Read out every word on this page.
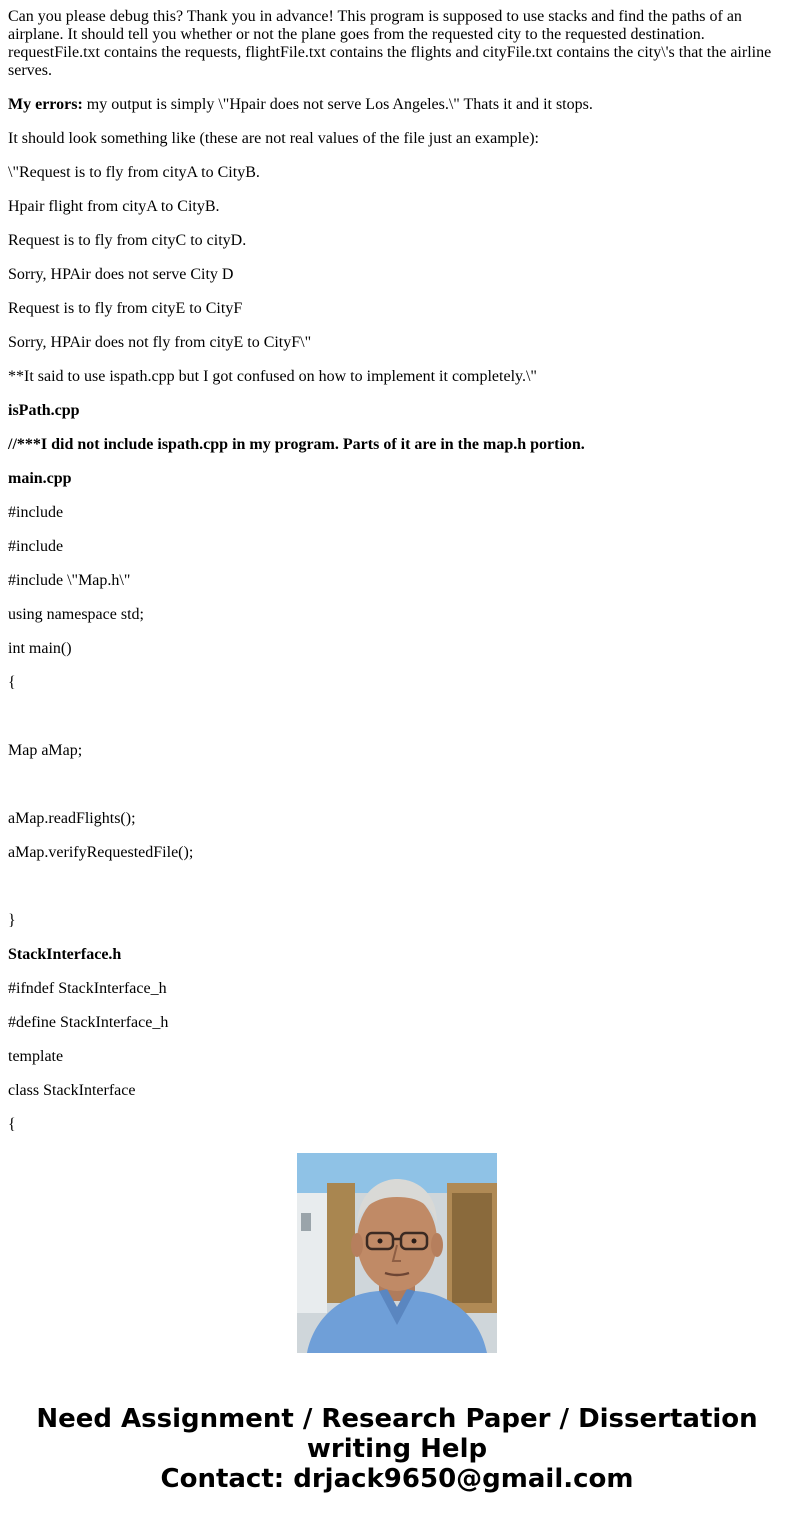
Can you please debug this? Thank you in advance! This program is supposed to use stacks and find the paths of an airplane. It should tell you whether or not the plane goes from the requested city to the requested destination. requestFile.txt contains the requests, flightFile.txt contains the flights and cityFile.txt contains the city\'s that the airline serves.

My errors: my output is simply \"Hpair does not serve Los Angeles.\" Thats it and it stops.

It should look something like (these are not real values of the file just an example):

\"Request is to fly from cityA to CityB.

Hpair flight from cityA to CityB.

Request is to fly from cityC to cityD.

Sorry, HPAir does not serve City D

Request is to fly from cityE to CityF

Sorry, HPAir does not fly from cityE to CityF\"

**It said to use ispath.cpp but I got confused on how to implement it completely.\"

isPath.cpp

//***I did not include ispath.cpp in my program. Parts of it are in the map.h portion.

main.cpp

#include

#include

#include \"Map.h\"

using namespace std;

int main()

{

Map aMap;

aMap.readFlights();

aMap.verifyRequestedFile();

}

StackInterface.h

#ifndef StackInterface_h

#define StackInterface_h

template

class StackInterface

{

Need Assignment / Research Paper / Dissertation
writing Help
Contact: drjack9650@gmail.com
